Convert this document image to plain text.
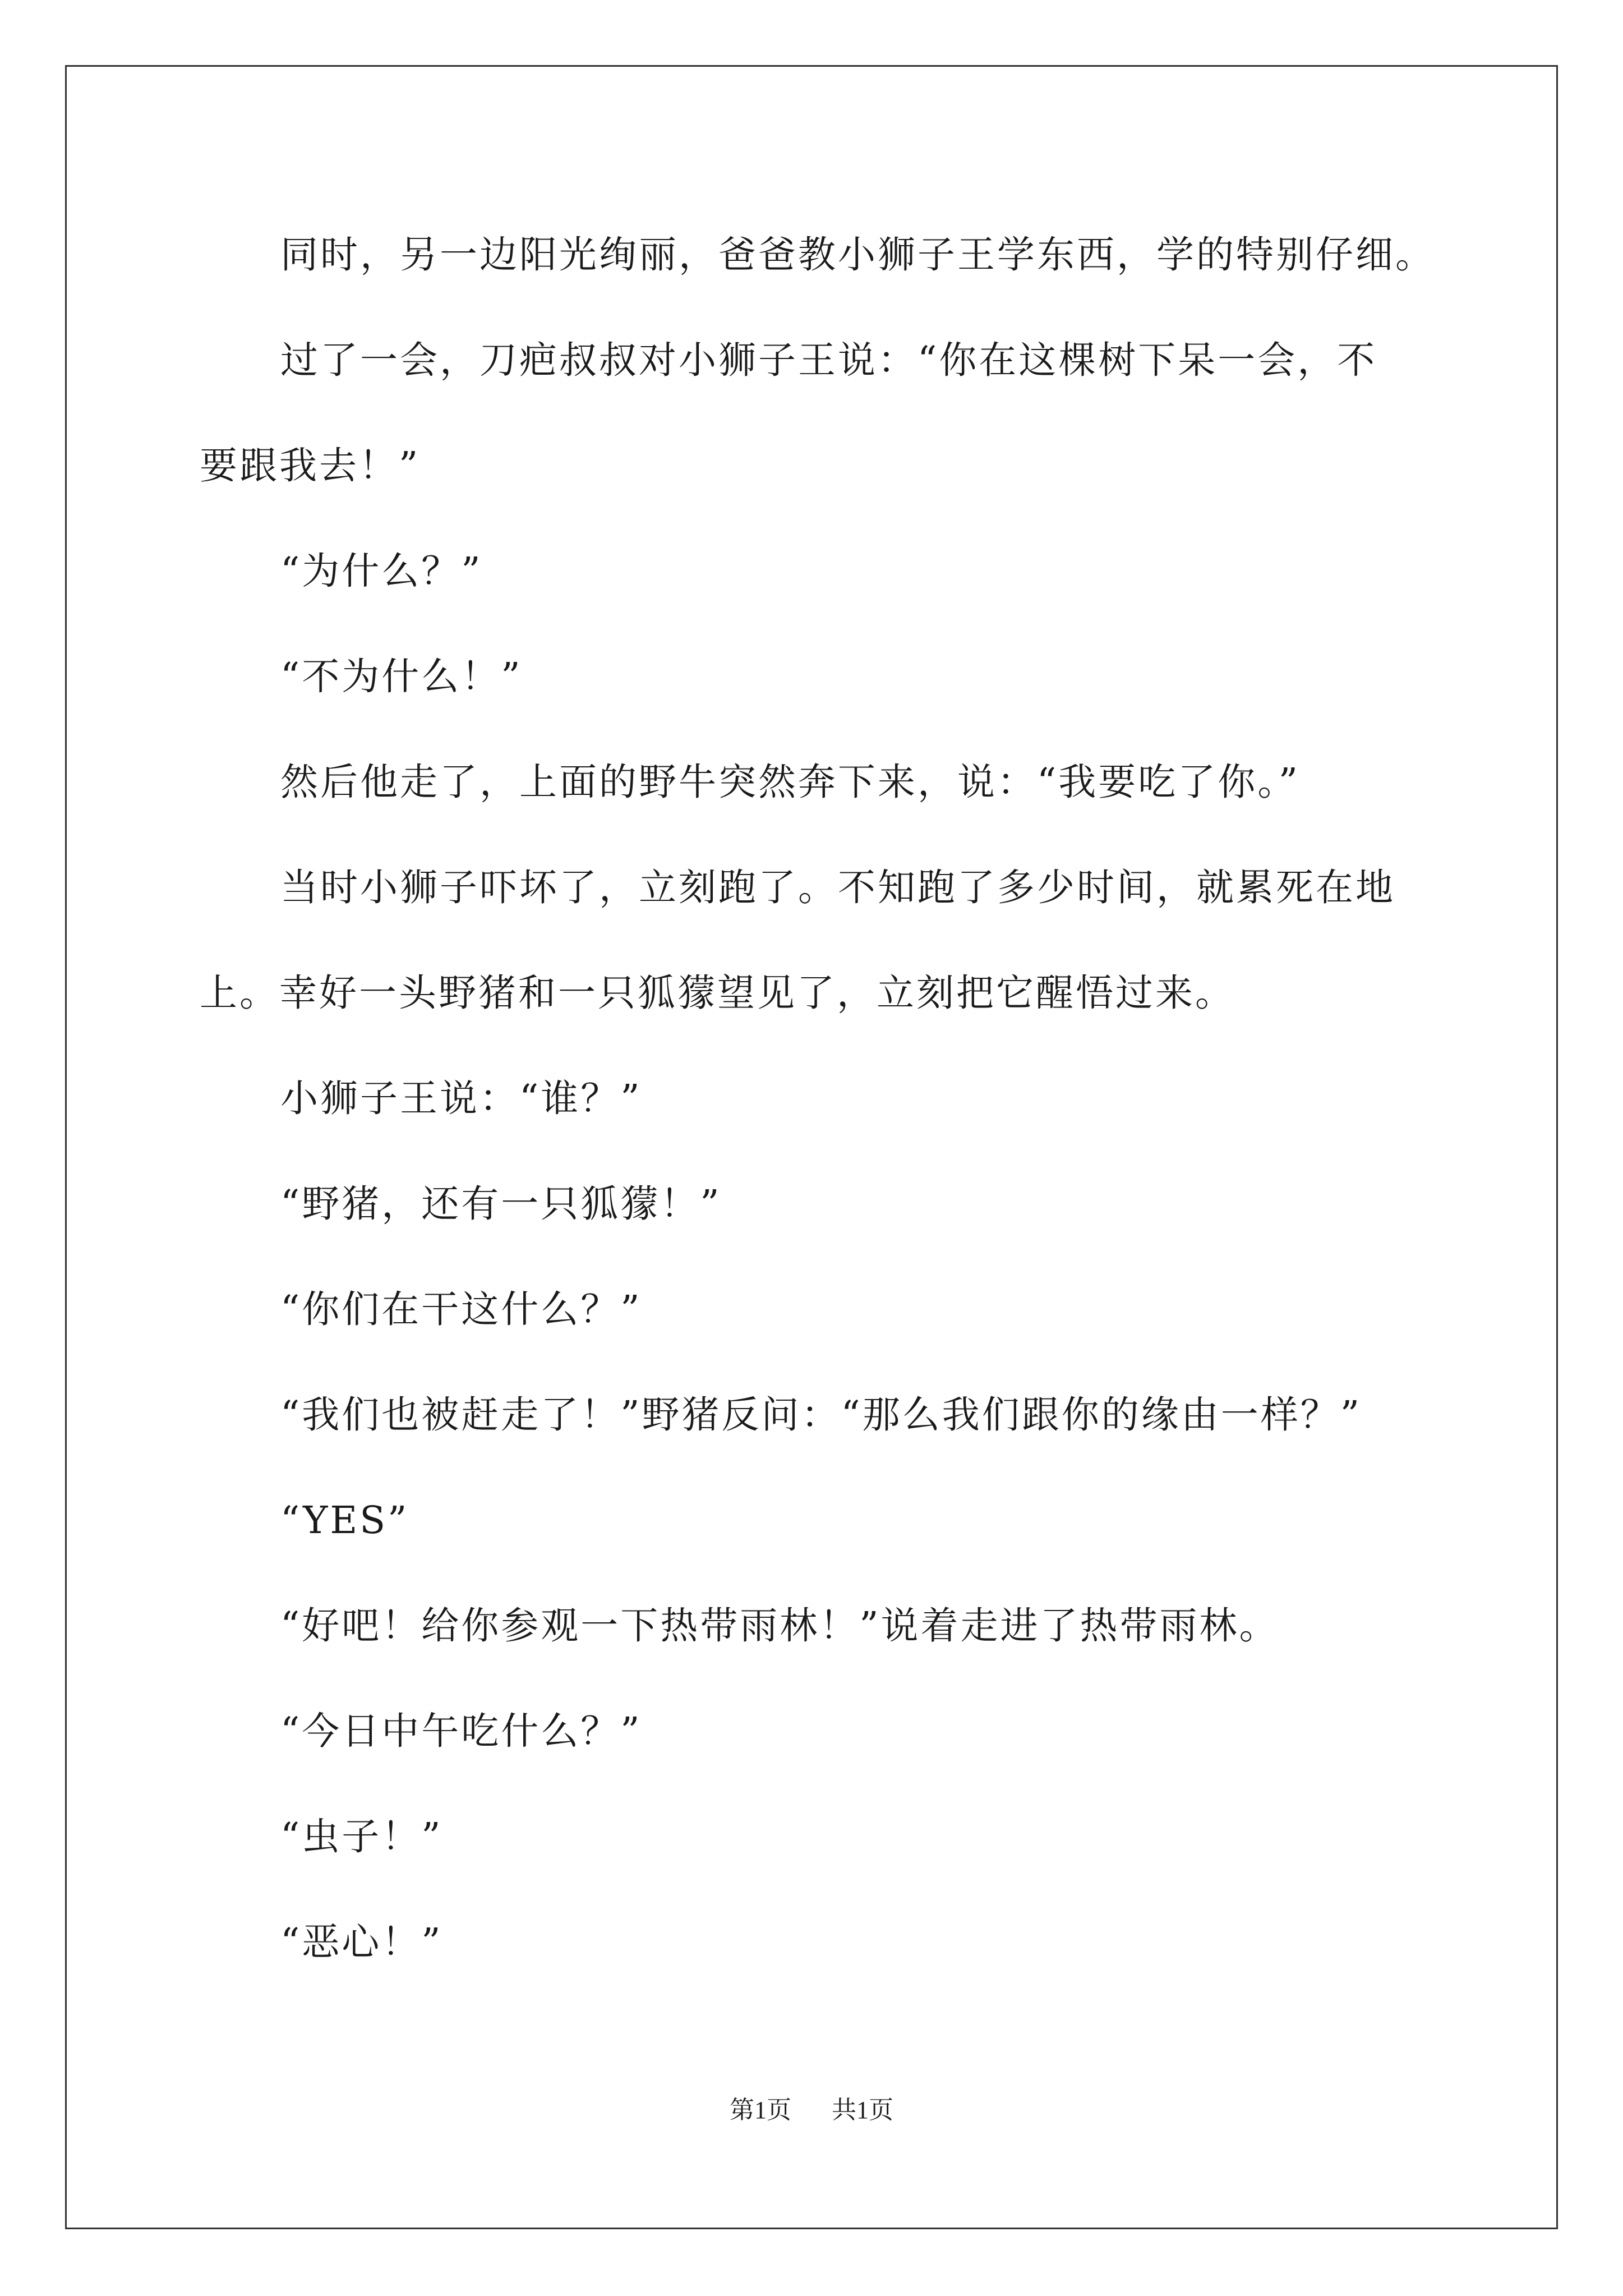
同时，另一边阳光绚丽，爸爸教小狮子王学东西，学的特别仔细。

过了一会，刀疤叔叔对小狮子王说：“你在这棵树下呆一会，不

要跟我去！”

“为什么？”

“不为什么！”

然后他走了，上面的野牛突然奔下来，说：“我要吃了你。”

当时小狮子吓坏了，立刻跑了。不知跑了多少时间，就累死在地

上。幸好一头野猪和一只狐獴望见了，立刻把它醒悟过来。

小狮子王说：“谁？”

“野猪，还有一只狐獴！”

“你们在干这什么？”

“我们也被赶走了！”野猪反问：“那么我们跟你的缘由一样？”

“YES”

“好吧！给你参观一下热带雨林！”说着走进了热带雨林。

“今日中午吃什么？”

“虫子！”

“恶心！”

第1页 共1页
